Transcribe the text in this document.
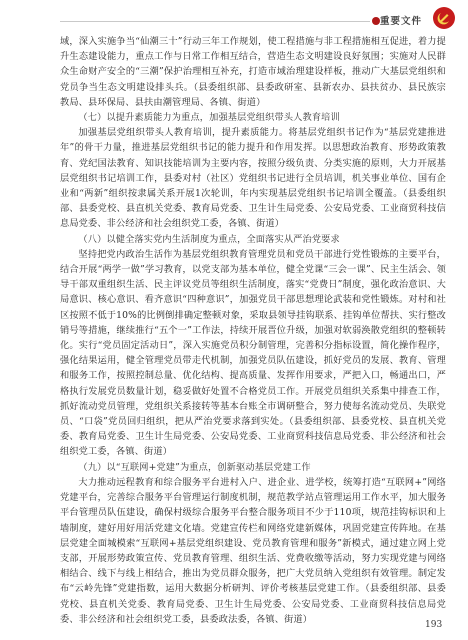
重要文件

域，深入实施争当“仙潮三十”行动三年工作规划，使工程措施与非工程措施相互促进，着力提升生态建设能力，重点工作与日常工作相互结合，营造生态文明建设良好氛围；实施对人民群众生命财产安全的“三潮”保护治理相互补充，打造市域治理建设样板，推动广大基层党组织和党员争当生态文明建设排头兵。（县委组织部、县委政研室、县新农办、县扶贫办、县民族宗教局、县环保局、县扶由潮管理局、各镇、街道）

（七）以提升素质能力为重点，加强基层党组织带头人教育培训

加强基层党组织带头人教育培训，提升素质能力。将基层党组织书记作为“基层党建推进年”的骨干力量，推进基层党组织书记的能力提升和作用发挥。以思想政治教育、形势政策教育、党纪国法教育、知识技能培训为主要内容，按照分级负责、分类实施的原则，大力开展基层党组织书记培训工作，县委对村（社区）党组织书记进行全员培训，机关事业单位、国有企业和“两新”组织按隶属关系开展1次轮训，年内实现基层党组织书记培训全覆盖。（县委组织部、县委党校、县直机关党委、教育局党委、卫生计生局党委、公安局党委、工业商贸科技信息局党委、非公经济和社会组织党工委，各镇、街道）

（八）以健全落实党内生活制度为重点，全面落实从严治党要求

坚持把党内政治生活作为基层党组织教育管理党员和党员干部进行党性锻炼的主要平台，结合开展“两学一做”学习教育，以党支部为基本单位，健全党课“三会一课”、民主生活会、领导干部双重组织生活、民主评议党员等组织生活制度，落实“党费日”制度，强化政治意识、大局意识、核心意识、看齐意识“四种意识”，加强党员干部思想理论武装和党性锻炼。对村和社区按照不低于10%的比例倒排确定整顿对象，采取县领导挂钩联系、挂钩单位帮扶、实行整改销号等措施，继续推行“五个一”工作法，持续开展晋位升级，加强对软弱涣散党组织的整顿转化。实行“党员固定活动日”，深入实施党员积分制管理，完善积分指标设置，简化操作程序，强化结果运用，健全管理党员带走代机制，加强党员队伍建设，抓好党员的发展、教育、管理和服务工作，按照控制总量、优化结构、提高质量、发挥作用要求，严把入口，畅通出口，严格执行发展党员数量计划，稳妥做好处置不合格党员工作。开展党员组织关系集中排查工作，抓好流动党员管理，党组织关系接转等基本台账全市调研整合，努力使每名流动党员、失联党员、“口袋”党员回归组织，把从严治党要求落到实处。（县委组织部、县委党校、县直机关党委、教育局党委、卫生计生局党委、公安局党委、工业商贸科技信息局党委、非公经济和社会组织党工委，各镇、街道）

（九）以“互联网+党建”为重点，创新驱动基层党建工作

大力推动远程教育和综合服务平台进村入户、进企业、进学校，统筹打造“互联网+”网络党建平台，完善综合服务平台管理运行制度机制，规范教学站点管理运用工作水平，加大服务平台管理员队伍建设，确保村级综合服务平台整合服务项目不少于110项，规范挂钩标识和上墙制度，建好用好用活党建文化墙。党建宣传栏和网络党建新媒体，巩固党建宣传阵地。在基层党建全面城模索“互联网+基层党组织建设、党员教育管理和服务”新模式，通过建立网上党支部，开展形势政策宣传、党员教育管理、组织生活、党费收缴等活动，努力实现党建与网络相结合、线下与线上相结合，推出为党员群众服务，把广大党员纳入党组织有效管理。制定发布“云岭先锋”党建指数，运用大数据分析研判、评价考核基层党建工作。（县委组织部、县委党校、县直机关党委、教育局党委、卫生计生局党委、公安局党委、工业商贸科技信息局党委、非公经济和社会组织党工委，县委政法委，各镇、街道）

193
